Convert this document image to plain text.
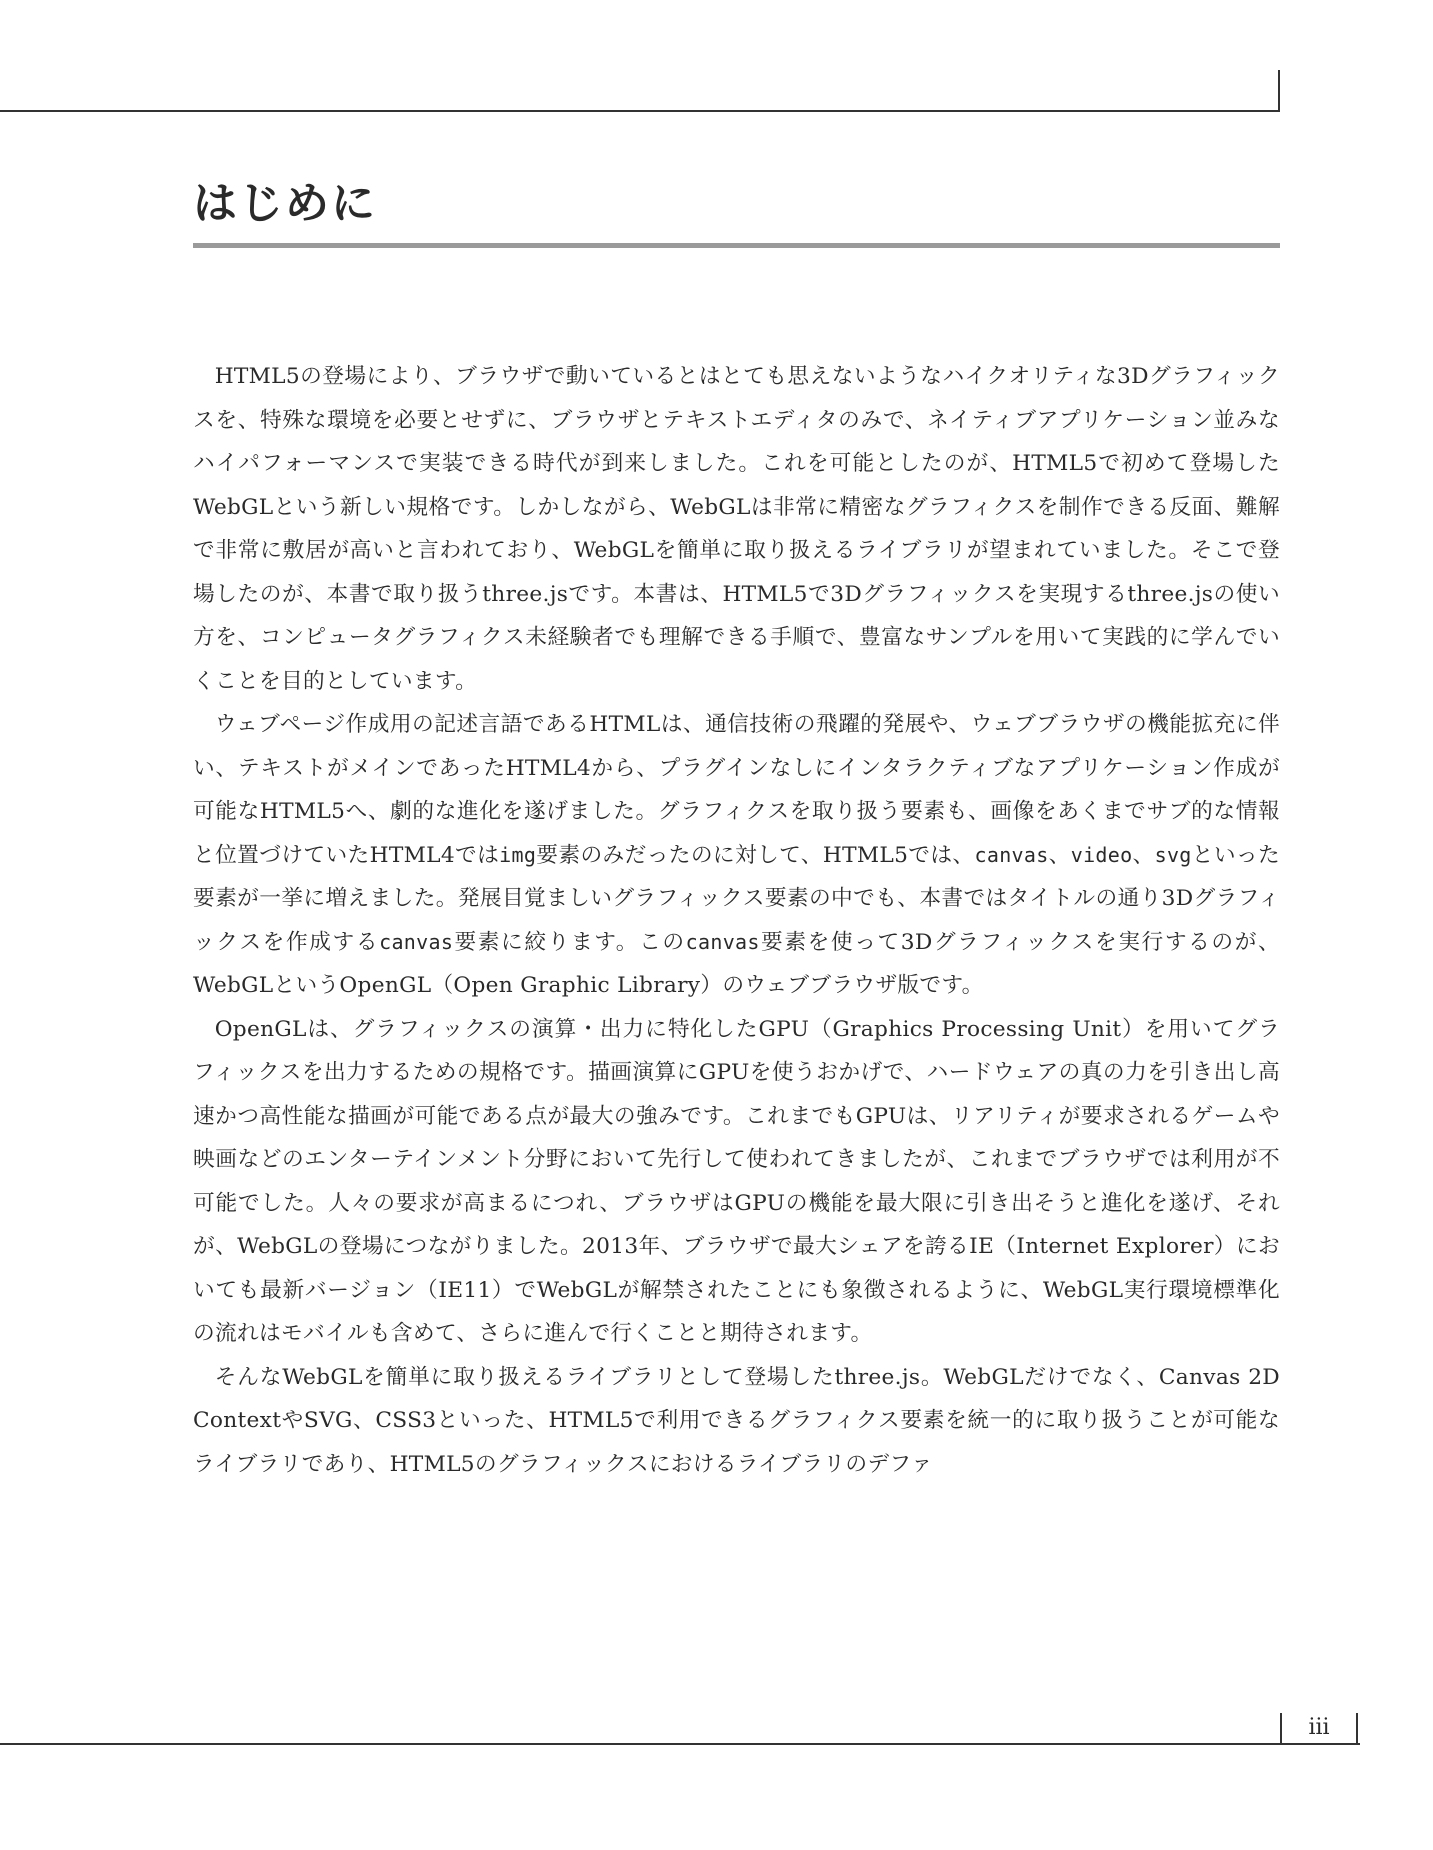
はじめに

HTML5の登場により、ブラウザで動いているとはとても思えないようなハイクオリティな3Dグラフィックスを、特殊な環境を必要とせずに、ブラウザとテキストエディタのみで、ネイティブアプリケーション並みなハイパフォーマンスで実装できる時代が到来しました。これを可能としたのが、HTML5で初めて登場したWebGLという新しい規格です。しかしながら、WebGLは非常に精密なグラフィクスを制作できる反面、難解で非常に敷居が高いと言われており、WebGLを簡単に取り扱えるライブラリが望まれていました。そこで登場したのが、本書で取り扱うthree.jsです。本書は、HTML5で3Dグラフィックスを実現するthree.jsの使い方を、コンピュータグラフィクス未経験者でも理解できる手順で、豊富なサンプルを用いて実践的に学んでいくことを目的としています。

ウェブページ作成用の記述言語であるHTMLは、通信技術の飛躍的発展や、ウェブブラウザの機能拡充に伴い、テキストがメインであったHTML4から、プラグインなしにインタラクティブなアプリケーション作成が可能なHTML5へ、劇的な進化を遂げました。グラフィクスを取り扱う要素も、画像をあくまでサブ的な情報と位置づけていたHTML4ではimg要素のみだったのに対して、HTML5では、canvas、video、svgといった要素が一挙に増えました。発展目覚ましいグラフィックス要素の中でも、本書ではタイトルの通り3Dグラフィックスを作成するcanvas要素に絞ります。このcanvas要素を使って3Dグラフィックスを実行するのが、WebGLというOpenGL（Open Graphic Library）のウェブブラウザ版です。

OpenGLは、グラフィックスの演算・出力に特化したGPU（Graphics Processing Unit）を用いてグラフィックスを出力するための規格です。描画演算にGPUを使うおかげで、ハードウェアの真の力を引き出し高速かつ高性能な描画が可能である点が最大の強みです。これまでもGPUは、リアリティが要求されるゲームや映画などのエンターテインメント分野において先行して使われてきましたが、これまでブラウザでは利用が不可能でした。人々の要求が高まるにつれ、ブラウザはGPUの機能を最大限に引き出そうと進化を遂げ、それが、WebGLの登場につながりました。2013年、ブラウザで最大シェアを誇るIE（Internet Explorer）においても最新バージョン（IE11）でWebGLが解禁されたことにも象徴されるように、WebGL実行環境標準化の流れはモバイルも含めて、さらに進んで行くことと期待されます。

そんなWebGLを簡単に取り扱えるライブラリとして登場したthree.js。WebGLだけでなく、Canvas 2D ContextやSVG、CSS3といった、HTML5で利用できるグラフィクス要素を統一的に取り扱うことが可能なライブラリであり、HTML5のグラフィックスにおけるライブラリのデファ

iii
